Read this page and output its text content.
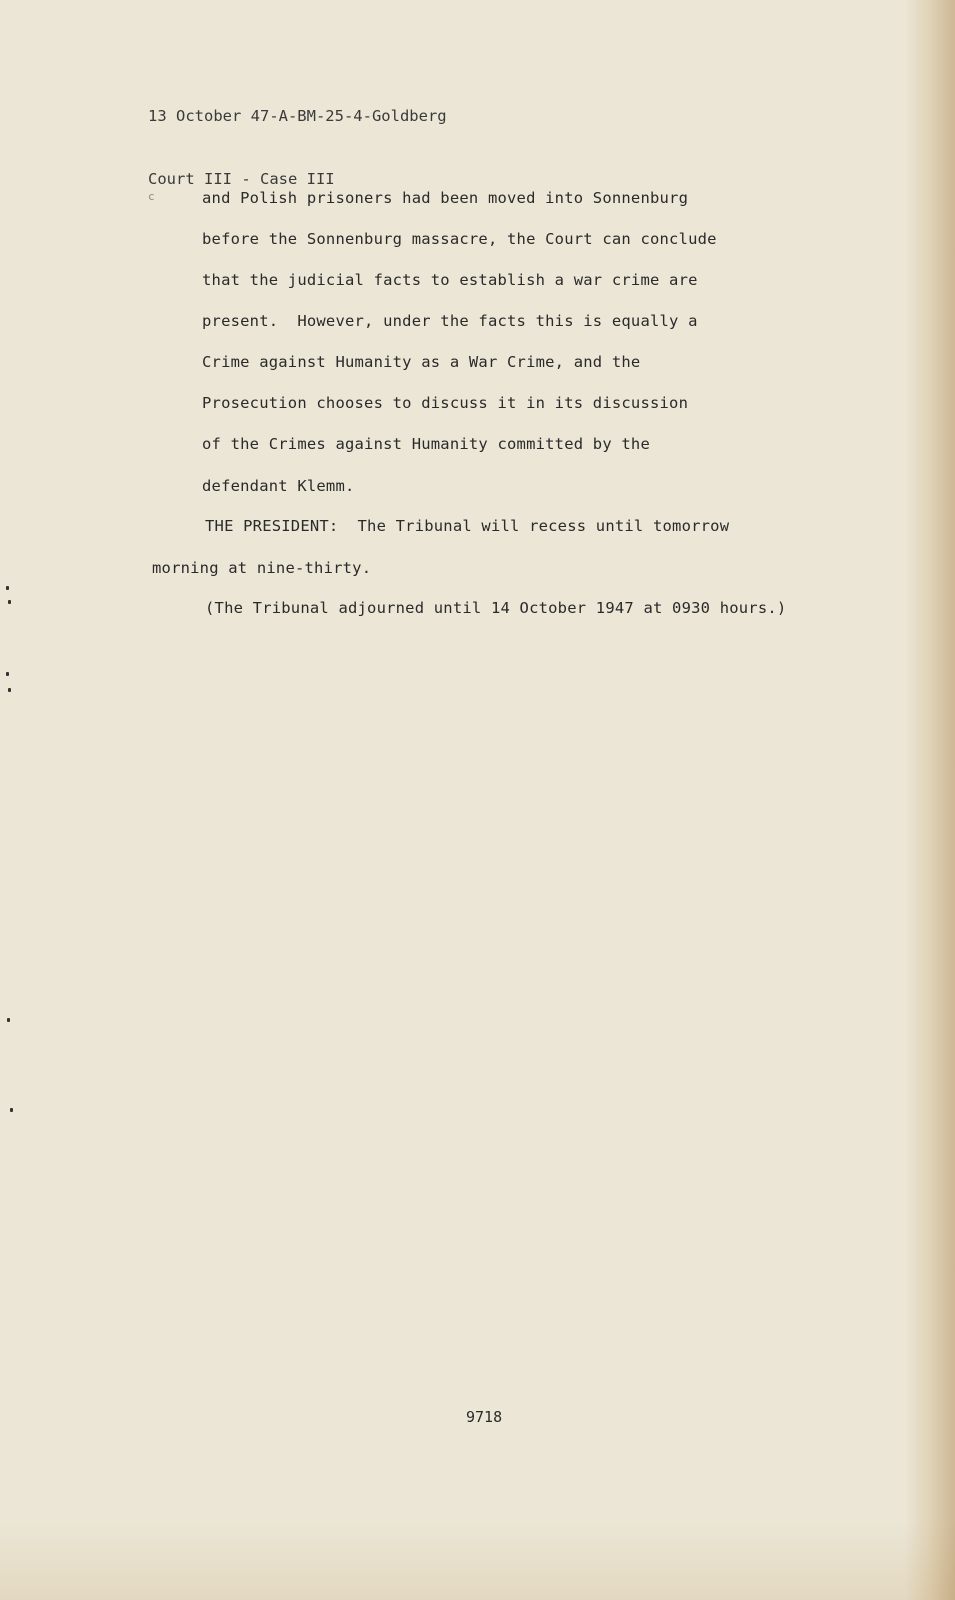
13 October 47-A-BM-25-4-Goldberg

Court III - Case III

c	and Polish prisoners had been moved into Sonnenburg
before the Sonnenburg massacre, the Court can conclude
that the judicial facts to establish a war crime are
present.  However, under the facts this is equally a
Crime against Humanity as a War Crime, and the
Prosecution chooses to discuss it in its discussion
of the Crimes against Humanity committed by the
defendant Klemm.
THE PRESIDENT:  The Tribunal will recess until tomorrow
morning at nine-thirty.
(The Tribunal adjourned until 14 October 1947 at 0930 hours.)
9718
